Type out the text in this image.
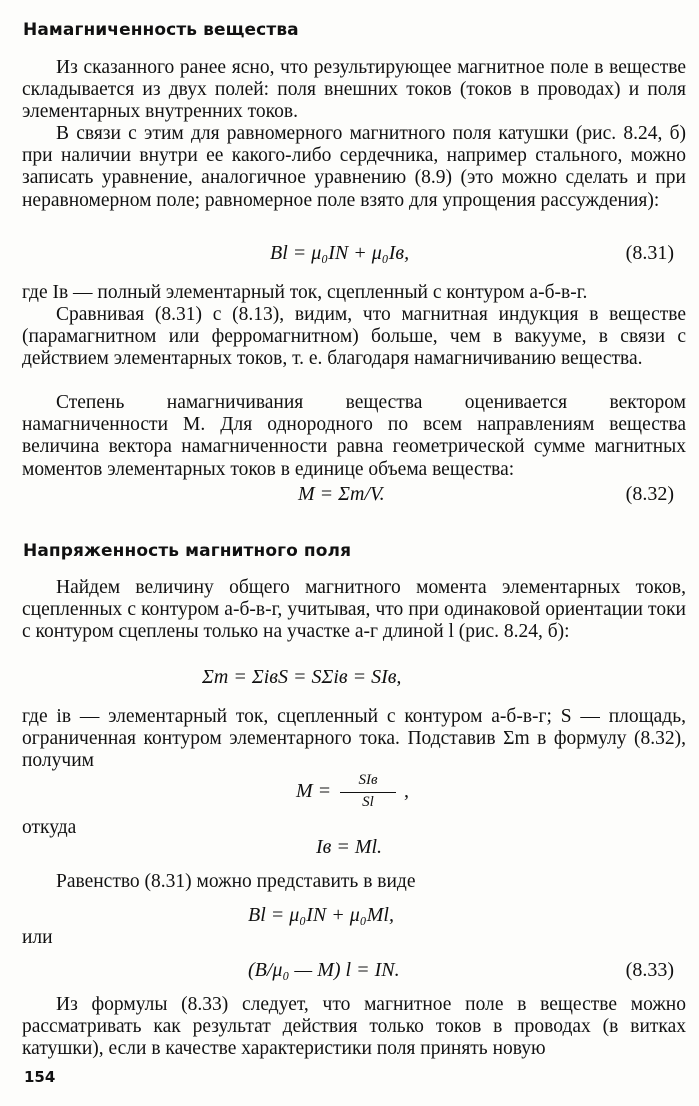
Намагниченность вещества
Из сказанного ранее ясно, что результирующее магнитное поле в веществе складывается из двух полей: поля внешних токов (токов в проводах) и поля элементарных внутренних токов.
В связи с этим для равномерного магнитного поля катушки (рис. 8.24, б) при наличии внутри ее какого-либо сердечника, например стального, можно записать уравнение, аналогичное уравнению (8.9) (это можно сделать и при неравномерном поле; равномерное поле взято для упрощения рассуждения):
Bl = μ₀IN + μ₀Iв,	(8.31)
где Iв — полный элементарный ток, сцепленный с контуром а-б-в-г.
Сравнивая (8.31) с (8.13), видим, что магнитная индукция в веществе (парамагнитном или ферромагнитном) больше, чем в вакууме, в связи с действием элементарных токов, т. е. благодаря намагничиванию вещества.
Степень намагничивания вещества оценивается вектором намагниченности M. Для однородного по всем направлениям вещества величина вектора намагниченности равна геометрической сумме магнитных моментов элементарных токов в единице объема вещества:
M = Σm/V.	(8.32)
Напряженность магнитного поля
Найдем величину общего магнитного момента элементарных токов, сцепленных с контуром а-б-в-г, учитывая, что при одинаковой ориентации токи с контуром сцеплены только на участке а-г длиной l (рис. 8.24, б):
Σm = ΣiвS = SΣiв = SIв,
где iв — элементарный ток, сцепленный с контуром а-б-в-г; S — площадь, ограниченная контуром элементарного тока. Подставив Σm в формулу (8.32), получим
M =	SIв
Sl	,
откуда
Iв = Ml.
Равенство (8.31) можно представить в виде
Bl = μ₀IN + μ₀Ml,
или
(B/μ₀ — M) l = IN.	(8.33)
Из формулы (8.33) следует, что магнитное поле в веществе можно рассматривать как результат действия только токов в проводах (в витках катушки), если в качестве характеристики поля принять новую
154
